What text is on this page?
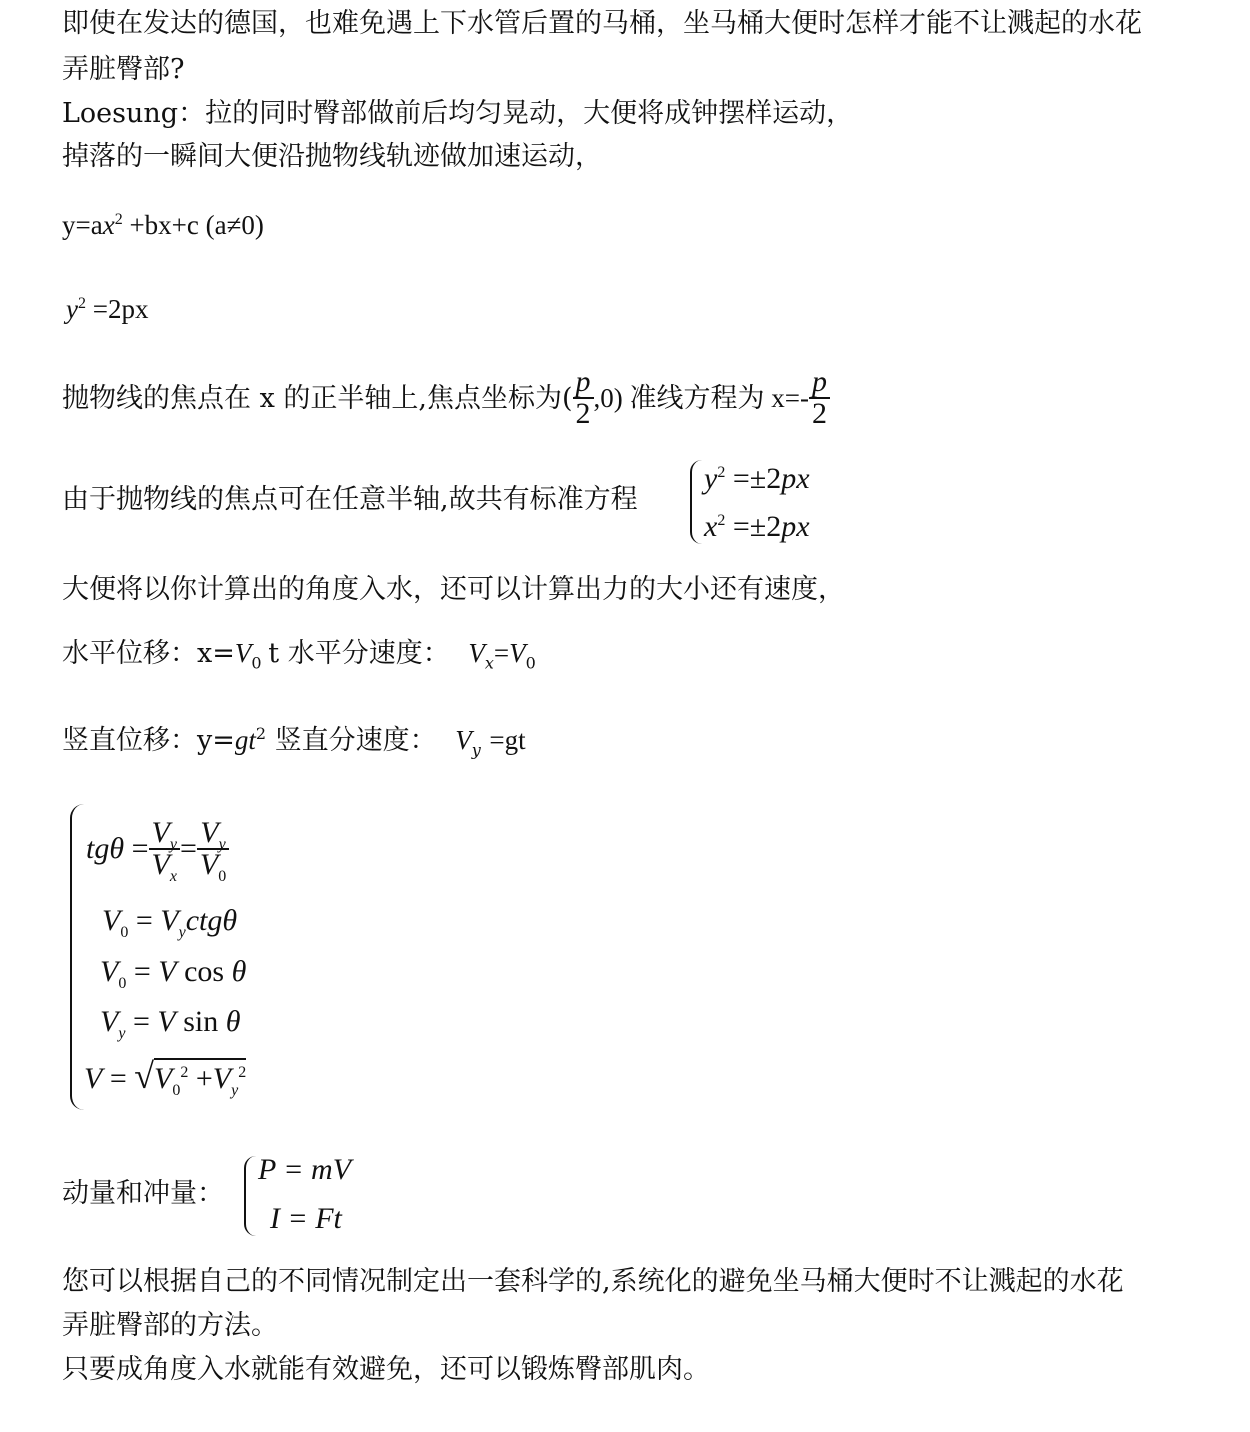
即使在发达的德国，也难免遇上下水管后置的马桶，坐马桶大便时怎样才能不让溅起的水花
弄脏臀部?
Loesung：拉的同时臀部做前后均匀晃动，大便将成钟摆样运动，
掉落的一瞬间大便沿抛物线轨迹做加速运动，
$y=ax^2 +bx+c$ (a≠0)
$y^2 =2px$
抛物线的焦点在 x 的正半轴上,焦点坐标为( $\frac{p}{2} ,0$) 准线方程为 $x=- \frac{p}{2}$
由于抛物线的焦点可在任意半轴,故共有标准方程
$y^2 =\pm 2px$
$x^2 =\pm 2px$
大便将以你计算出的角度入水，还可以计算出力的大小还有速度，
水平位移：$x=V_0$ t 水平分速度： $V_x=V_0$
竖直位移：$y=gt^2$ 竖直分速度： $V_y =gt$
tgθ
= $\frac{V_y}{V_x} = \frac{V_y}{V_0}$
$V_0 = V_yctg\theta$
$V_0 = V$ cos θ
$V_y = V$ sin θ
$V = √V_0^2 +V_y^2$
动量和冲量：
P = mV
I = Ft
您可以根据自己的不同情况制定出一套科学的,系统化的避免坐马桶大便时不让溅起的水花
弄脏臀部的方法。
只要成角度入水就能有效避免，还可以锻炼臀部肌肉。
